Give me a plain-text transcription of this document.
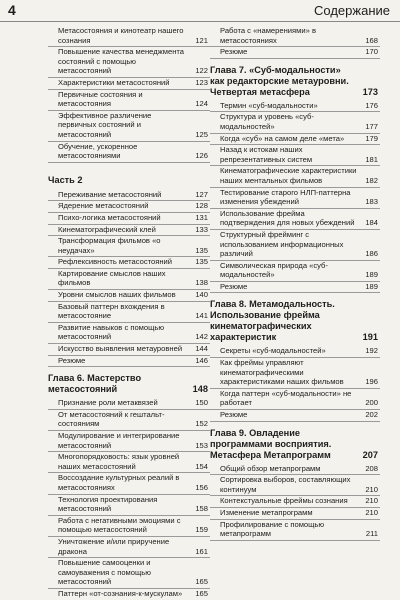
4	Содержание
Метасостояния и кинотеатр нашего сознания	121
Повышение качества менеджмента состояний с помощью метасостояний	122
Характеристики метасостояний	123
Первичные состояния и метасостояния	124
Эффективное различение первичных состояний и метасостояний	125
Обучение, ускоренное метасостояниями	126
Часть 2
Переживание метасостояний	127
Ядерение метасостояний	128
Психо-логика метасостояний	131
Кинематографический клей	133
Трансформация фильмов «о неудачах»	135
Рефлексивность метасостояний	135
Картирование смыслов наших фильмов	138
Уровни смыслов наших фильмов	140
Базовый паттерн вхождения в метасостояние	141
Развитие навыков с помощью метасостояний	142
Искусство выявления метауровней 144
Резюме	146
Глава 6. Мастерство метасостояний	148
Признание роли метаквязей	150
От метасостояний к гештальт-состояниям	152
Модулирование и интегрирование метасостояний	153
Многопорядковость: язык уровней наших метасостояний	154
Воссоздание культурных реалий в метасостояниях	156
Технология проектирования метасостояний	158
Работа с негативными эмоциями с помощью метасостояний	159
Уничтожение и/или приручение дракона	161
Повышение самооценки и самоуважения с помощью метасостояний	165
Паттерн «от-сознания-к-мускулам» 165
Работа с «намерениями» в метасостояниях	168
Резюме	170
Глава 7. «Суб-модальности» как редакторские метауровни. Четвертая метасфера	173
Термин «суб-модальности»	176
Структура и уровень «суб-модальностей»	177
Когда «суб» на самом деле «мета»	179
Назад к истокам наших репрезентативных систем	181
Кинематографические характеристики наших ментальных фильмов	182
Тестирование старого НЛП-паттерна изменения убеждений	183
Использование фрейма подтверждения для новых убеждений 184
Структурный фрейминг с использованием информационных различий	186
Символическая природа «суб-модальностей»	189
Резюме	189
Глава 8. Метамодальность. Использование фрейма кинематографических характеристик	191
Секреты «суб-модальностей»	192
Как фреймы управляют кинематографическими характеристиками наших фильмов	196
Когда паттерн «суб-модальности» не работает	200
Резюме	202
Глава 9. Овладение программами восприятия. Метасфера Метапрограмм	207
Общий обзор метапрограмм	208
Сортировка выборов, составляющих континуум	210
Контекстуальные фреймы сознания 210
Изменение метапрограмм	210
Профилирование с помощью метапрограмм	211
